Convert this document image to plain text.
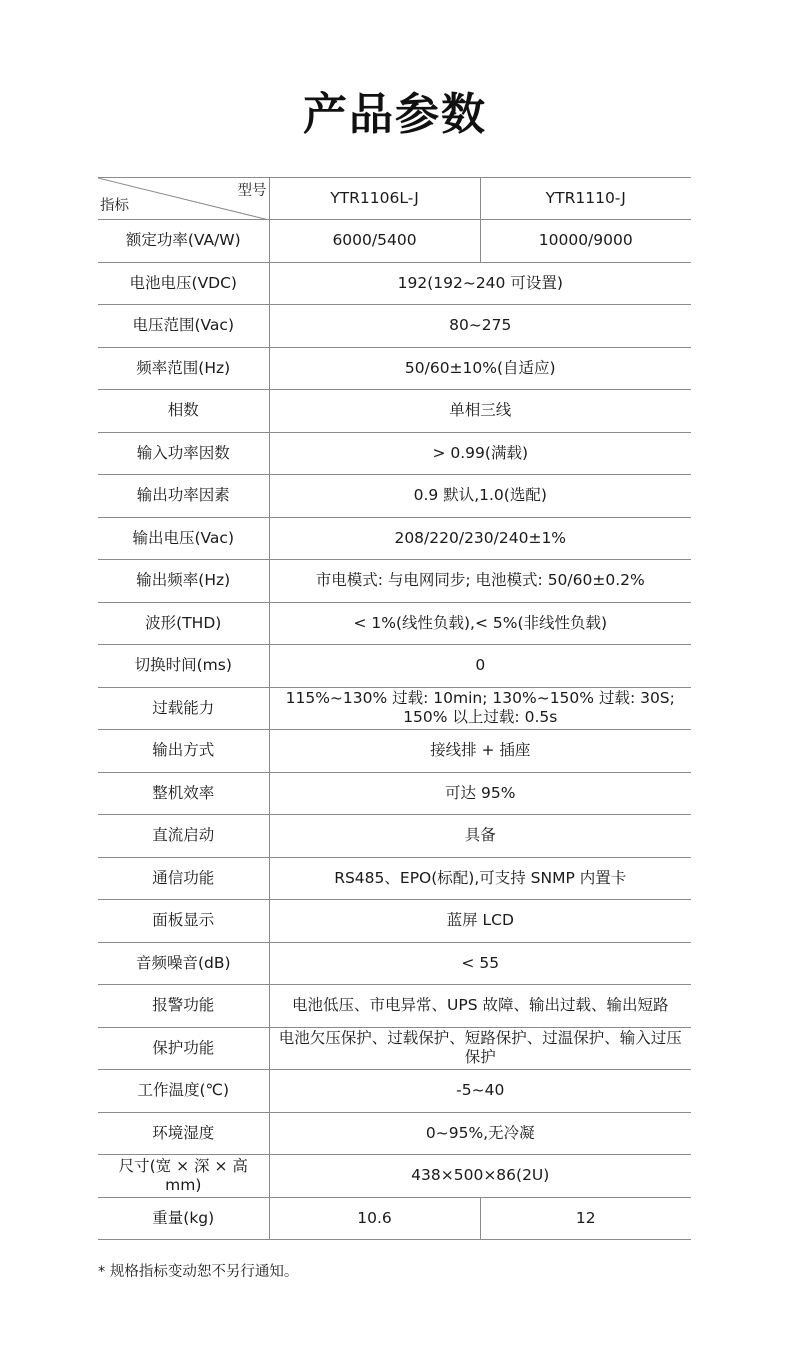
产品参数
型号
指标	YTR1106L-J	YTR1110-J
额定功率(VA/W)	6000/5400	10000/9000
电池电压(VDC)	192(192~240 可设置)	
电压范围(Vac)	80~275	
频率范围(Hz)	50/60±10%(自适应)	
相数	单相三线	
输入功率因数	> 0.99(满载)	
输出功率因素	0.9 默认,1.0(选配)	
输出电压(Vac)	208/220/230/240±1%	
输出频率(Hz)	市电模式: 与电网同步; 电池模式: 50/60±0.2%	
波形(THD)	< 1%(线性负载),< 5%(非线性负载)	
切换时间(ms)	0	
过载能力	115%~130% 过载: 10min; 130%~150% 过载: 30S;
150% 以上过载: 0.5s	

输出方式	接线排 + 插座	
整机效率	可达 95%	
直流启动	具备	
通信功能	RS485、EPO(标配),可支持 SNMP 内置卡	
面板显示	蓝屏 LCD	
音频噪音(dB)	< 55	
报警功能	电池低压、市电异常、UPS 故障、输出过载、输出短路	
保护功能	电池欠压保护、过载保护、短路保护、过温保护、输入过压保护	
工作温度(℃)	-5~40	
环境湿度	0~95%,无冷凝	
尺寸(宽 × 深 × 高 mm)	438×500×86(2U)	
重量(kg)	10.6	12
* 规格指标变动恕不另行通知。
